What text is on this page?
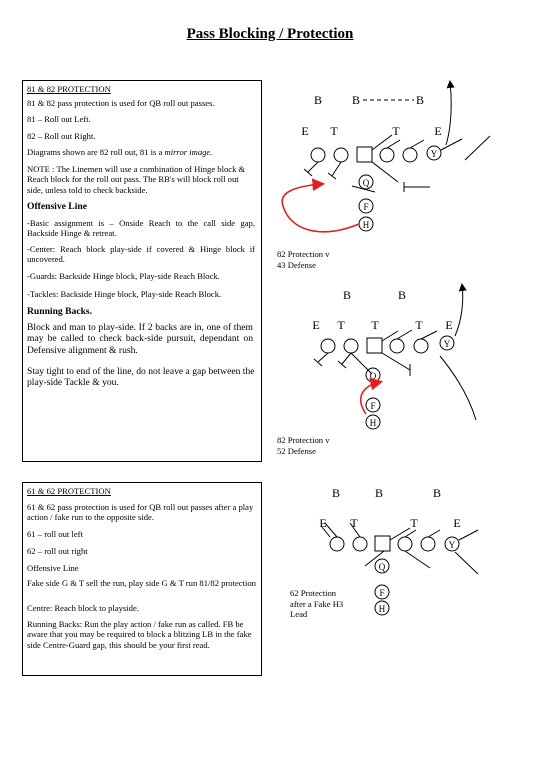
Pass Blocking / Protection
81 & 82 PROTECTION
81 & 82 pass protection is used for QB roll out passes.
81 – Roll out Left.
82 – Roll out Right.
Diagrams shown are 82 roll out, 81 is a mirror image.
NOTE : The Linemen will use a combination of Hinge block & Reach block for the roll out pass. The RB's will block roll out side, unless told to check backside.
Offensive Line
-Basic assignment is – Onside Reach to the call side gap, Backside Hinge & retreat.
-Center: Reach block play-side if covered & Hinge block if uncovered.
-Guards: Backside Hinge block, Play-side Reach Block.
-Tackles: Backside Hinge block, Play-side Reach Block.
Running Backs.
Block and man to play-side. If 2 backs are in, one of them may be called to check back-side pursuit, dependant on Defensive alignment & rush.
Stay tight to end of the line, do not leave a gap between the play-side Tackle & you.
61 & 62 PROTECTION
61 & 62 pass protection is used for QB roll out passes after a play action / fake run to the opposite side.
61 – roll out left
62 – roll out right
Offensive Line
Fake side G & T sell the run, play side G & T run 81/82 protection
Centre: Reach block to playside.
Running Backs: Run the play action / fake run as called. FB be aware that you may be required to block a blitzing LB in the fake side Centre-Guard gap, this should be your first read.
B B	B
E T	T	E
Y
Q
F
H
B	B
E T T	T E
Y
Q
F
H
B	B	B
E T	T	E
Y
Q
F
H
82 Protection v
43 Defense
82 Protection v
52 Defense
62 Protection
after a Fake H3
Lead
